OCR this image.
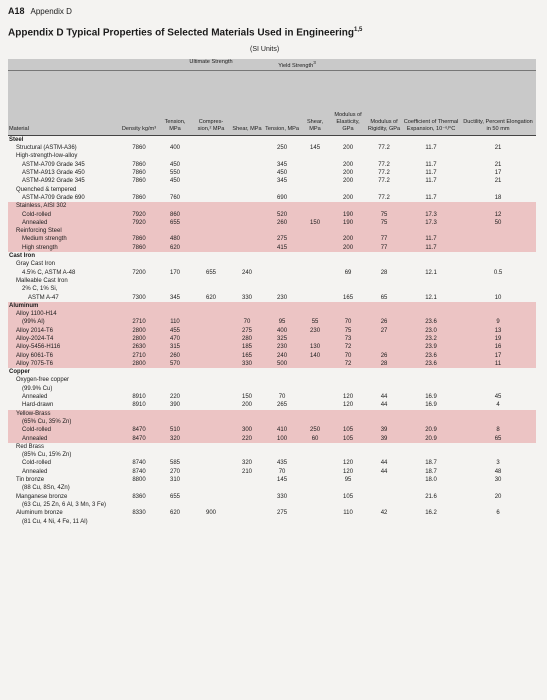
A18 Appendix D
Appendix D Typical Properties of Selected Materials Used in Engineering$^{1,5}$
(SI Units)
		Ultimate Strength			Yield Strength$^3$	
Material	Density kg/m³	Tension, MPa	Compres- sion,² MPa	Shear, MPa	Tension, MPa	Shear, MPa	Modulus of Elasticity, GPa	Modulus of Rigidity, GPa	Coefficient of Thermal Expansion, 10⁻⁶/°C	Ductility, Percent Elongation in 50 mm
Steel										
Structural (ASTM-A36)	7860	400			250	145	200	77.2	11.7	21
High-strength-low-alloy										
ASTM-A709 Grade 345	7860	450			345		200	77.2	11.7	21
ASTM-A913 Grade 450	7860	550			450		200	77.2	11.7	17
ASTM-A992 Grade 345	7860	450			345		200	77.2	11.7	21
Quenched & tempered										
ASTM-A709 Grade 690	7860	760			690		200	77.2	11.7	18
Stainless, AISI 302										
Cold-rolled	7920	860			520		190	75	17.3	12
Annealed	7920	655			260	150	190	75	17.3	50
Reinforcing Steel										
Medium strength	7860	480			275		200	77	11.7	
High strength	7860	620			415		200	77	11.7	
Cast Iron										
Gray Cast Iron										
4.5% C, ASTM A-48	7200	170	655	240			69	28	12.1	0.5
Malleable Cast Iron										
2% C, 1% Si,										
ASTM A-47	7300	345	620	330	230		165	65	12.1	10
Aluminum										
Alloy 1100-H14										
(99% Al)	2710	110		70	95	55	70	26	23.6	9
Alloy 2014-T6	2800	455		275	400	230	75	27	23.0	13
Alloy-2024-T4	2800	470		280	325		73		23.2	19
Alloy-5456-H116	2630	315		185	230	130	72		23.9	16
Alloy 6061-T6	2710	260		165	240	140	70	26	23.6	17
Alloy 7075-T6	2800	570		330	500		72	28	23.6	11
Copper										
Oxygen-free copper										
(99.9% Cu)										
Annealed	8910	220		150	70		120	44	16.9	45
Hard-drawn	8910	390		200	265		120	44	16.9	4
Yellow-Brass										
(65% Cu, 35% Zn)										
Cold-rolled	8470	510		300	410	250	105	39	20.9	8
Annealed	8470	320		220	100	60	105	39	20.9	65
Red Brass										
(85% Cu, 15% Zn)										
Cold-rolled	8740	585		320	435		120	44	18.7	3
Annealed	8740	270		210	70		120	44	18.7	48
Tin bronze	8800	310			145		95		18.0	30
(88 Cu, 8Sn, 4Zn)										
Manganese bronze	8360	655			330		105		21.6	20
(63 Cu, 25 Zn, 6 Al, 3 Mn, 3 Fe)										
Aluminum bronze	8330	620	900		275		110	42	16.2	6
(81 Cu, 4 Ni, 4 Fe, 11 Al)										
